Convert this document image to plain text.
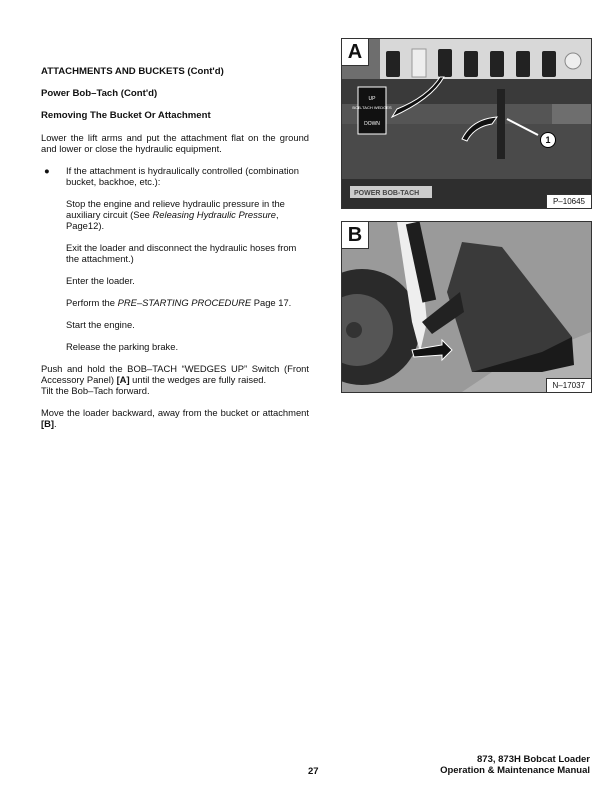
ATTACHMENTS AND BUCKETS (Cont'd)
Power Bob–Tach (Cont'd)
Removing The Bucket Or Attachment

Lower the lift arms and put the attachment flat on the ground and lower or close the hydraulic equipment.

● If the attachment is hydraulically controlled (combination bucket, backhoe, etc.):

Stop the engine and relieve hydraulic pressure in the auxiliary circuit (See Releasing Hydraulic Pressure, Page12).

Exit the loader and disconnect the hydraulic hoses from the attachment.)

Enter the loader.

Perform the PRE–STARTING PROCEDURE Page 17.

Start the engine.

Release the parking brake.

Push and hold the BOB–TACH “WEDGES UP” Switch (Front Accessory Panel) [A] until the wedges are fully raised.

Tilt the Bob–Tach forward.

Move the loader backward, away from the bucket or attachment [B].

UP
BOB-TACH WEDGES
DOWN
POWER BOB-TACH
A
1
P–10645
B
N–17037
27
873, 873H Bobcat Loader
Operation & Maintenance Manual
